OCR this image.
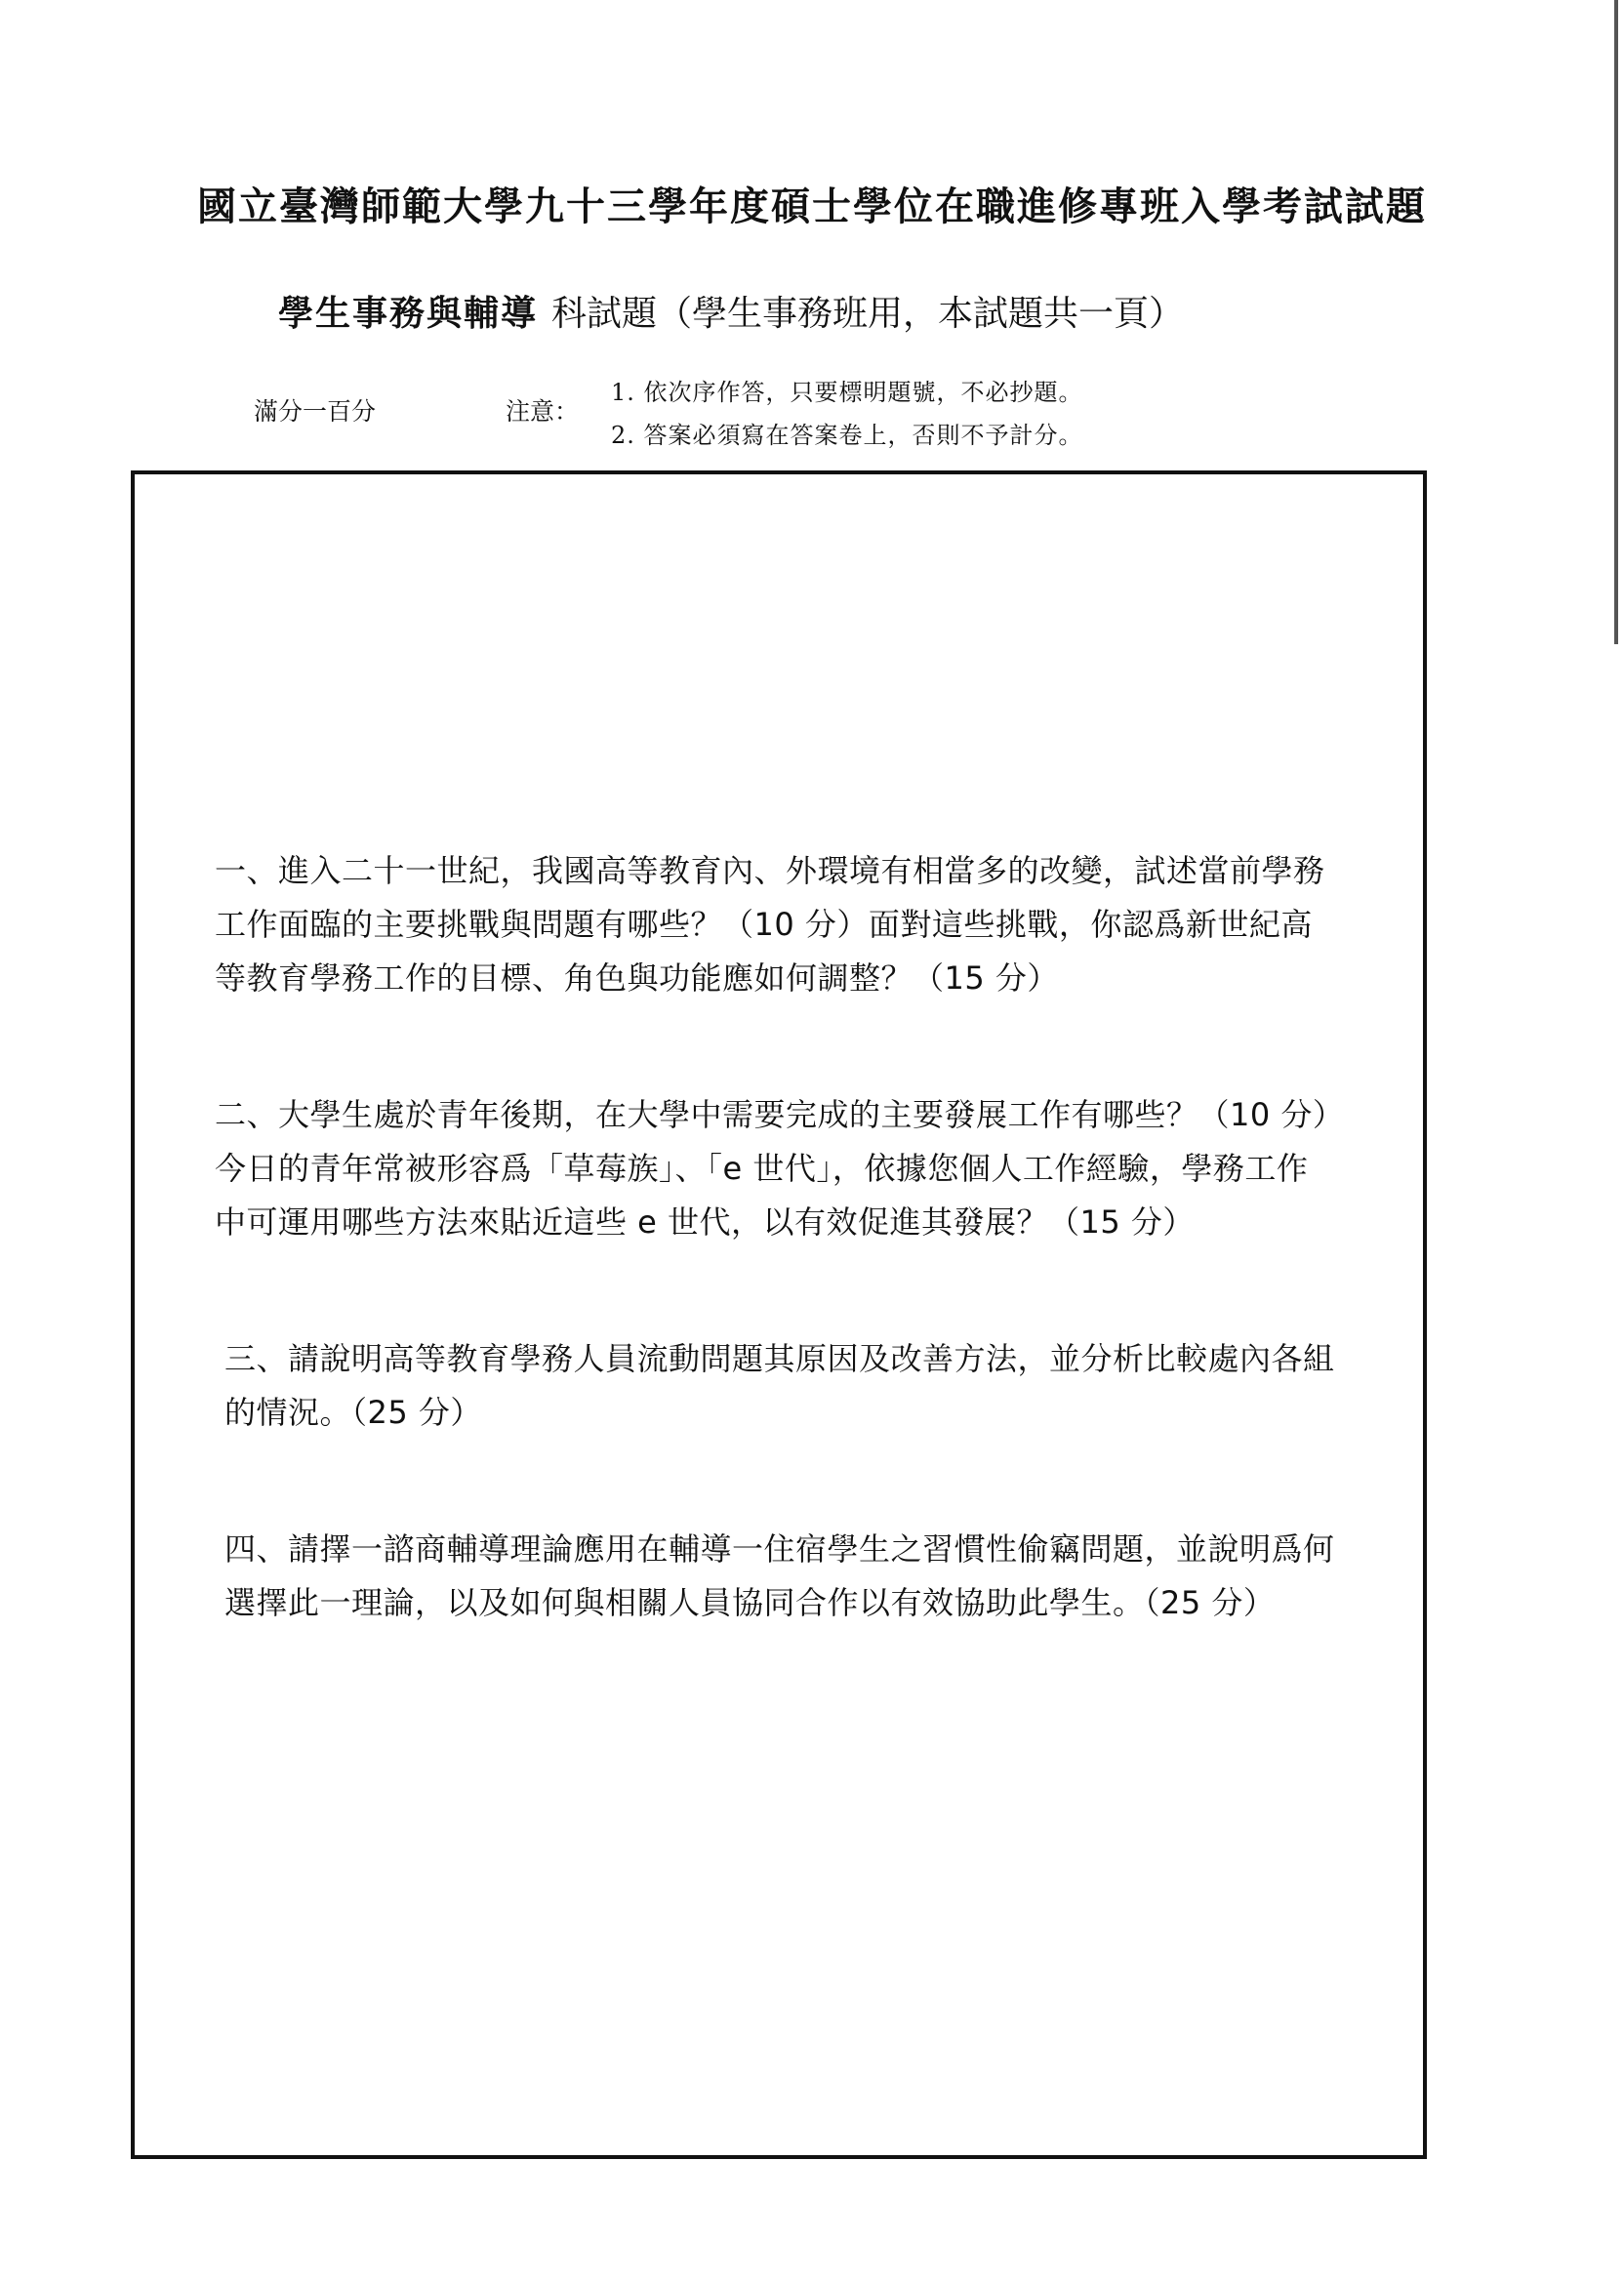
國立臺灣師範大學九十三學年度碩士學位在職進修專班入學考試試題
學生事務與輔導 科試題（學生事務班用，本試題共一頁）
滿分一百分	注意：
1. 依次序作答，只要標明題號，不必抄題。
2. 答案必須寫在答案卷上，否則不予計分。
一、進入二十一世紀，我國高等教育內、外環境有相當多的改變，試述當前學務
工作面臨的主要挑戰與問題有哪些？（10 分）面對這些挑戰，你認爲新世紀高
等教育學務工作的目標、角色與功能應如何調整？（15 分）
二、大學生處於青年後期，在大學中需要完成的主要發展工作有哪些？（10 分）
今日的青年常被形容爲「草莓族」、「e 世代」，依據您個人工作經驗，學務工作
中可運用哪些方法來貼近這些 e 世代，以有效促進其發展？（15 分）
三、請說明高等教育學務人員流動問題其原因及改善方法，並分析比較處內各組
的情況。（25 分）
四、請擇一諮商輔導理論應用在輔導一住宿學生之習慣性偷竊問題，並說明爲何
選擇此一理論，以及如何與相關人員協同合作以有效協助此學生。（25 分）
